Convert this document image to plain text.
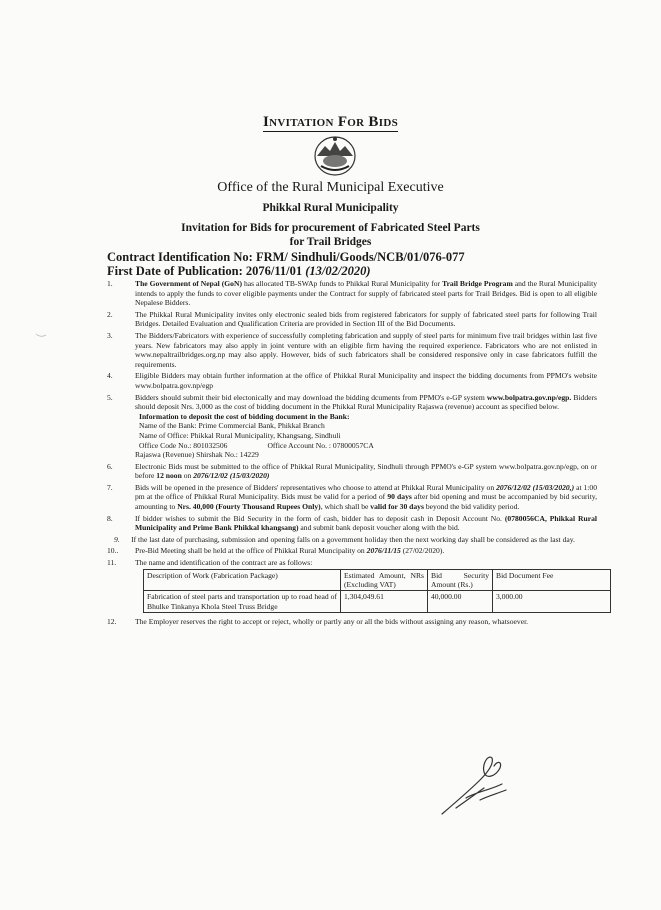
Invitation For Bids
Office of the Rural Municipal Executive
Phikkal Rural Municipality
Invitation for Bids for procurement of Fabricated Steel Parts
for Trail Bridges
Contract Identification No: FRM/ Sindhuli/Goods/NCB/01/076-077
First Date of Publication: 2076/11/01 (13/02/2020)
1.	The Government of Nepal (GoN) has allocated TB-SWAp funds to Phikkal Rural Municipality for Trail Bridge Program and the Rural Municipality intends to apply the funds to cover eligible payments under the Contract for supply of fabricated steel parts for Trail Bridges. Bid is open to all eligible Nepalese Bidders.
2.	The Phikkal Rural Municipality invites only electronic sealed bids from registered fabricators for supply of fabricated steel parts for following Trail Bridges. Detailed Evaluation and Qualification Criteria are provided in Section III of the Bid Documents.
3.	The Bidders/Fabricators with experience of successfully completing fabrication and supply of steel parts for minimum five trail bridges within last five years. New fabricators may also apply in joint venture with an eligible firm having the required experience. Fabricators who are not enlisted in www.nepaltrailbridges.org.np may also apply. However, bids of such fabricators shall be considered responsive only in case fabricators fulfill the requirements.
4.	Eligible Bidders may obtain further information at the office of Phikkal Rural Municipality and inspect the bidding documents from PPMO's website www.bolpatra.gov.np/egp
5.	Bidders should submit their bid electonically and may download the bidding dcuments from PPMO's e-GP system www.bolpatra.gov.np/egp. Bidders should deposit Nrs. 3,000 as the cost of bidding document in the Phikkal Rural Municipality Rajaswa (revenue) account as specified below.
Information to deposit the cost of bidding document in the Bank:
Name of the Bank: Prime Commercial Bank, Phikkal Branch
Name of Office: Phikkal Rural Municipality, Khangsang, Sindhuli
Office Code No.: 801032506	Office Account No. : 07800057CA
Rajaswa (Revenue) Shirshak No.: 14229
6.	Electronic Bids must be submitted to the office of Phikkal Rural Municipality, Sindhuli through PPMO's e-GP system www.bolpatra.gov.np/egp, on or before 12 noon on 2076/12/02 (15/03/2020)
7.	Bids will be opened in the presence of Bidders' representatives who choose to attend at Phikkal Rural Municipality on 2076/12/02 (15/03/2020,) at 1:00 pm at the office of Phikkal Rural Municipality. Bids must be valid for a period of 90 days after bid opening and must be accompanied by bid security, amounting to Nrs. 40,000 (Fourty Thousand Rupees Only), which shall be valid for 30 days beyond the bid validity period.
8.	If bidder wishes to submit the Bid Security in the form of cash, bidder has to deposit cash in Deposit Account No. (0780056CA, Phikkal Rural Municipality and Prime Bank Phikkal khangsang) and submit bank deposit voucher along with the bid.
9. If the last date of purchasing, submission and opening falls on a government holiday then the next working day shall be considered as the last day.
10..	Pre-Bid Meeting shall be held at the office of Phikkal Rural Muncipality on 2076/11/15 (27/02/2020).
11.	The name and identification of the contract are as follows:
Description of Work (Fabrication Package)	Estimated Amount, NRs (Excluding VAT)	Bid Security Amount (Rs.)	Bid Document Fee
Fabrication of steel parts and transportation up to road head of Bhulke Tinkanya Khola Steel Truss Bridge	1,304,049.61	40,000.00	3,000.00
12.	The Employer reserves the right to accept or reject, wholly or partly any or all the bids without assigning any reason, whatsoever.
